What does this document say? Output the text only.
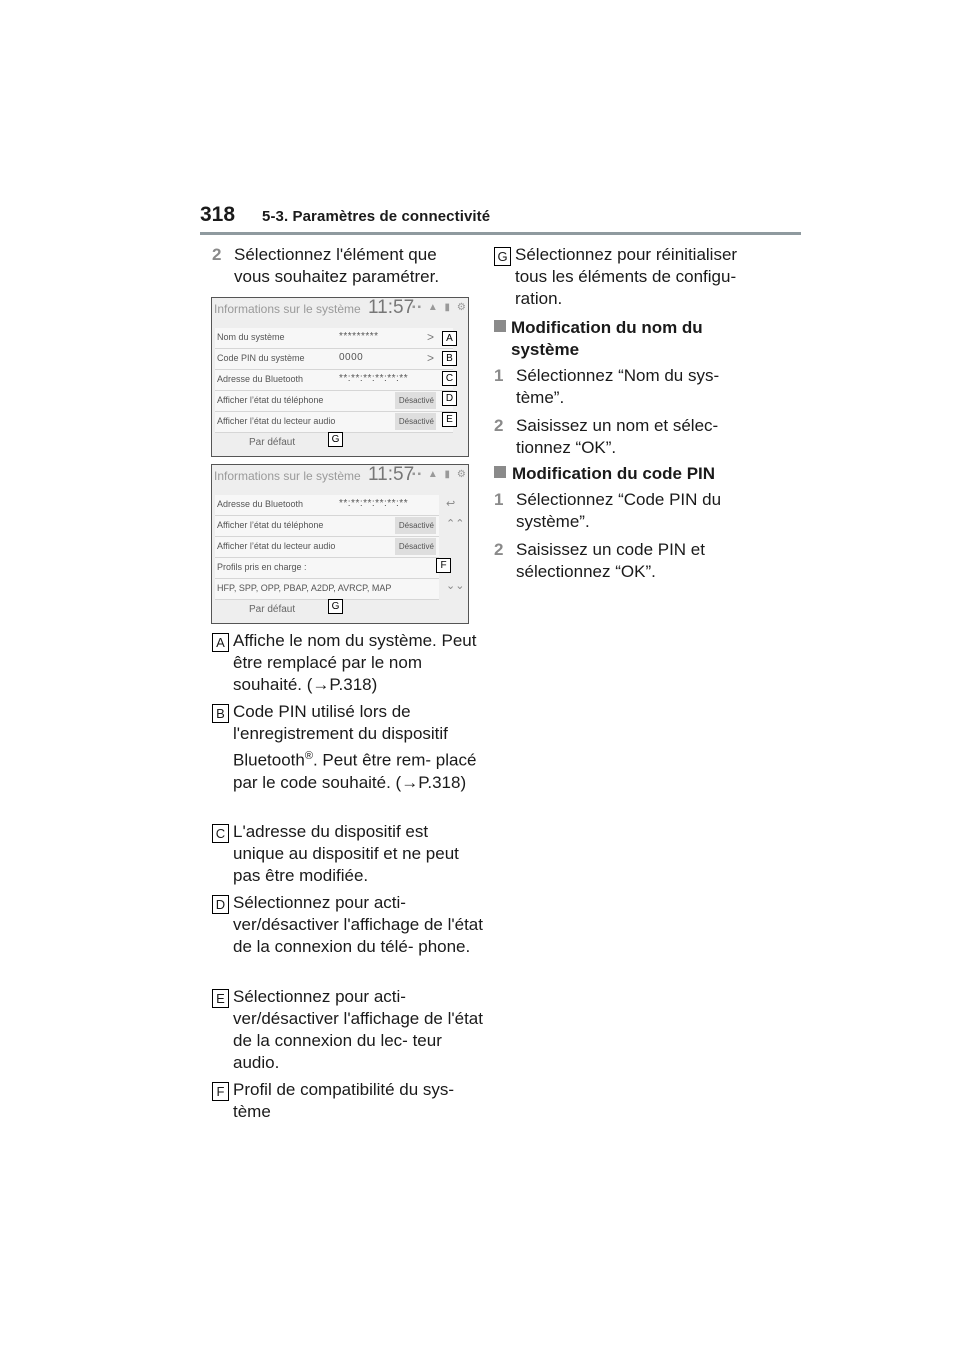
318 5-3. Paramètres de connectivité
2 Sélectionnez l'élément que vous souhaitez paramétrer.
Informations sur le système 11:57
▪▪ ▲ ▮ ⚙
Nom du système	*********	>
Code PIN du système	0000	>
Adresse du Bluetooth	**:**:**:**:**:**
Afficher l’état du téléphone	Désactivé
Afficher l’état du lecteur audio	Désactivé
Par défaut
A
B
C
D
E
G
Informations sur le système 11:57
▪▪ ▲ ▮ ⚙
Adresse du Bluetooth	**:**:**:**:**:**
Afficher l’état du téléphone	Désactivé
Afficher l’état du lecteur audio	Désactivé
Profils pris en charge :
HFP, SPP, OPP, PBAP, A2DP, AVRCP, MAP
↩
⌃⌃
⌄⌄
Par défaut
F
G
A Affiche le nom du système. Peut être remplacé par le nom souhaité. (→P.318)
B Code PIN utilisé lors de l'enregistrement du dispositif Bluetooth®. Peut être rem- placé par le code souhaité. (→P.318)
C L'adresse du dispositif est unique au dispositif et ne peut pas être modifiée.
D Sélectionnez pour acti- ver/désactiver l'affichage de l'état de la connexion du télé- phone.
E Sélectionnez pour acti- ver/désactiver l'affichage de l'état de la connexion du lec- teur audio.
F Profil de compatibilité du sys- tème
G Sélectionnez pour réinitialiser tous les éléments de configu- ration.
Modification du nom du système
1 Sélectionnez “Nom du sys- tème”.
2 Saisissez un nom et sélec- tionnez “OK”.
Modification du code PIN
1 Sélectionnez “Code PIN du système”.
2 Saisissez un code PIN et sélectionnez “OK”.
